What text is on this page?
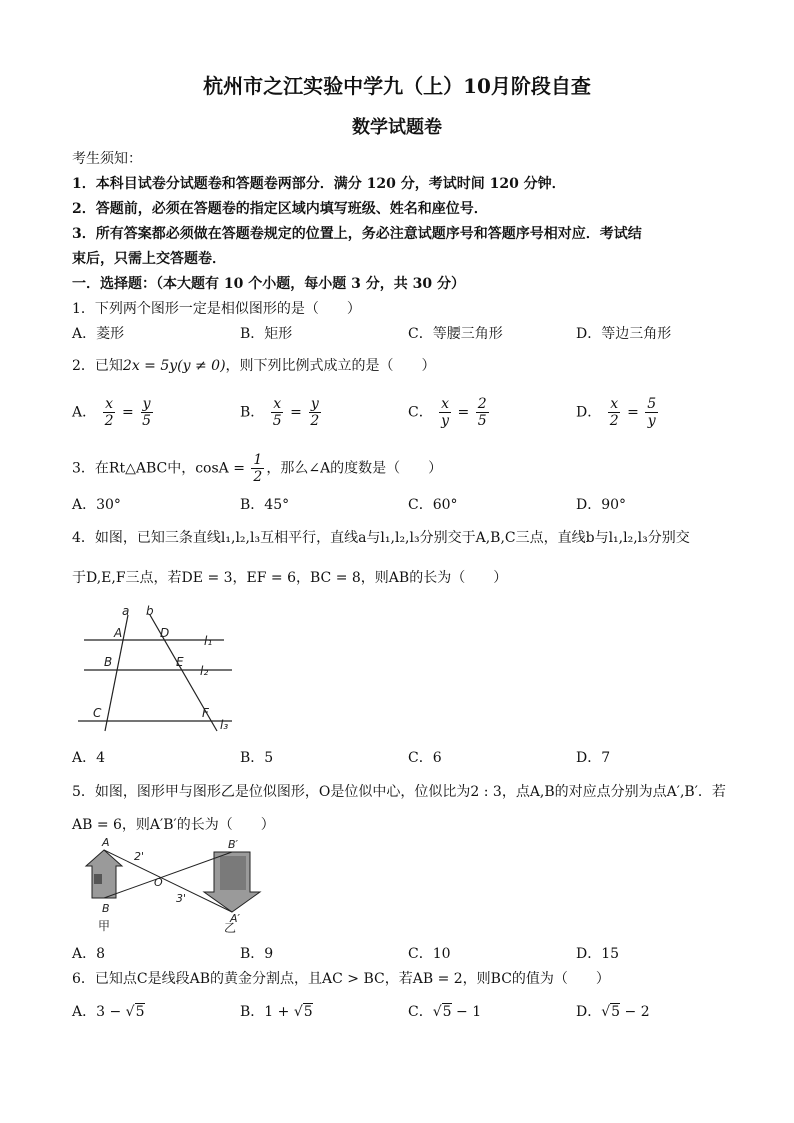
杭州市之江实验中学九（上）10月阶段自查
数学试题卷
考生须知：
1．本科目试卷分试题卷和答题卷两部分．满分 120 分，考试时间 120 分钟．
2．答题前，必须在答题卷的指定区域内填写班级、姓名和座位号．
3．所有答案都必须做在答题卷规定的位置上，务必注意试题序号和答题序号相对应．考试结
束后，只需上交答题卷．
一．选择题：（本大题有 10 个小题，每小题 3 分，共 30 分）
1．下列两个图形一定是相似图形的是（　　）
A．菱形	B．矩形	C．等腰三角形	D．等边三角形
2．已知2x = 5y(y ≠ 0)，则下列比例式成立的是（　　）
A． $\frac{x}{2} = \frac{y}{5}$	B． $\frac{x}{5} = \frac{y}{2}$	C． $\frac{x}{y} = \frac{2}{5}$	D． $\frac{x}{2} = \frac{5}{y}$
3．在Rt△ABC中，$\cos A = \frac{1}{2}$ ，那么∠A的度数是（　　）
A．30°	B．45°	C．60°	D．90°
4．如图，已知三条直线l₁,l₂,l₃互相平行，直线a与l₁,l₂,l₃分别交于A,B,C三点，直线b与l₁,l₂,l₃分别交
于D,E,F三点，若DE = 3，EF = 6，BC = 8，则AB的长为（　　）
a b
A	D
B	E
C	F
l₁
l₂
l₃
A．4	B．5	C．6	D．7
5．如图，图形甲与图形乙是位似图形，O是位似中心，位似比为2 : 3，点A,B的对应点分别为点A′,B′．若
AB = 6，则A′B′的长为（　　）
A
2'
B′
O
3'
B
A′
甲	乙
A．8	B．9	C．10	D．15
6．已知点C是线段AB的黄金分割点，且AC > BC，若AB = 2，则BC的值为（　　）
A．3 − √5	B．1 + √5	C．√5 − 1	D．√5 − 2
